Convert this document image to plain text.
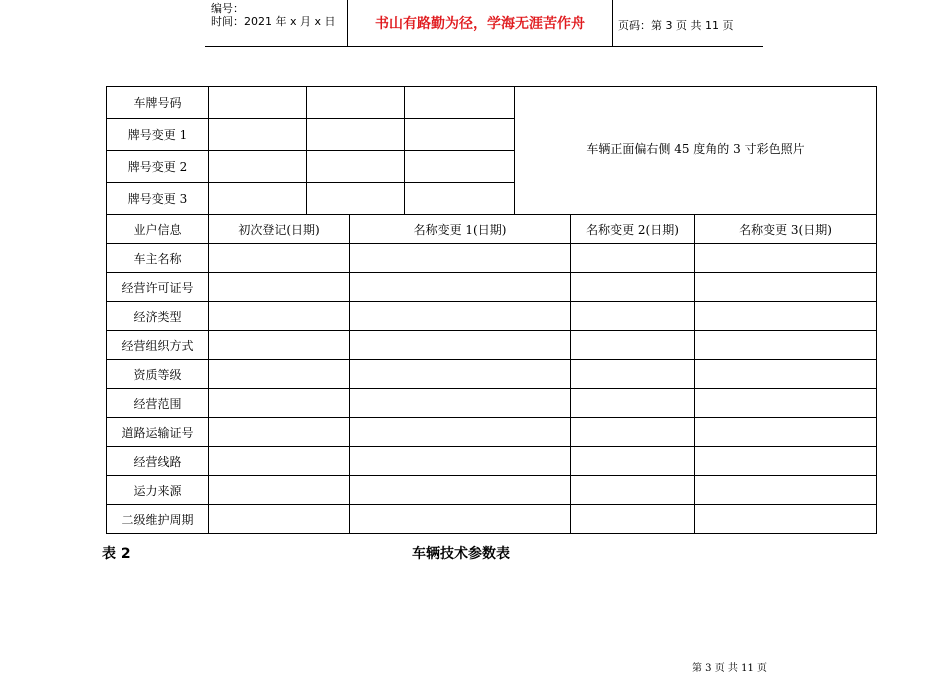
编号：
时间：2021 年 x 月 x 日	书山有路勤为径，学海无涯苦作舟	页码：第 3 页 共 11 页
车牌号码					车辆正面偏右侧 45 度角的 3 寸彩色照片		
牌号变更 1							
牌号变更 2							
牌号变更 3							
业户信息	初次登记(日期)		名称变更 1(日期)			名称变更 2(日期)	名称变更 3(日期)
车主名称							
经营许可证号							
经济类型							
经营组织方式							
资质等级							
经营范围							
道路运输证号							
经营线路							
运力来源							
二级维护周期							
表 2	车辆技术参数表
第 3 页 共 11 页
